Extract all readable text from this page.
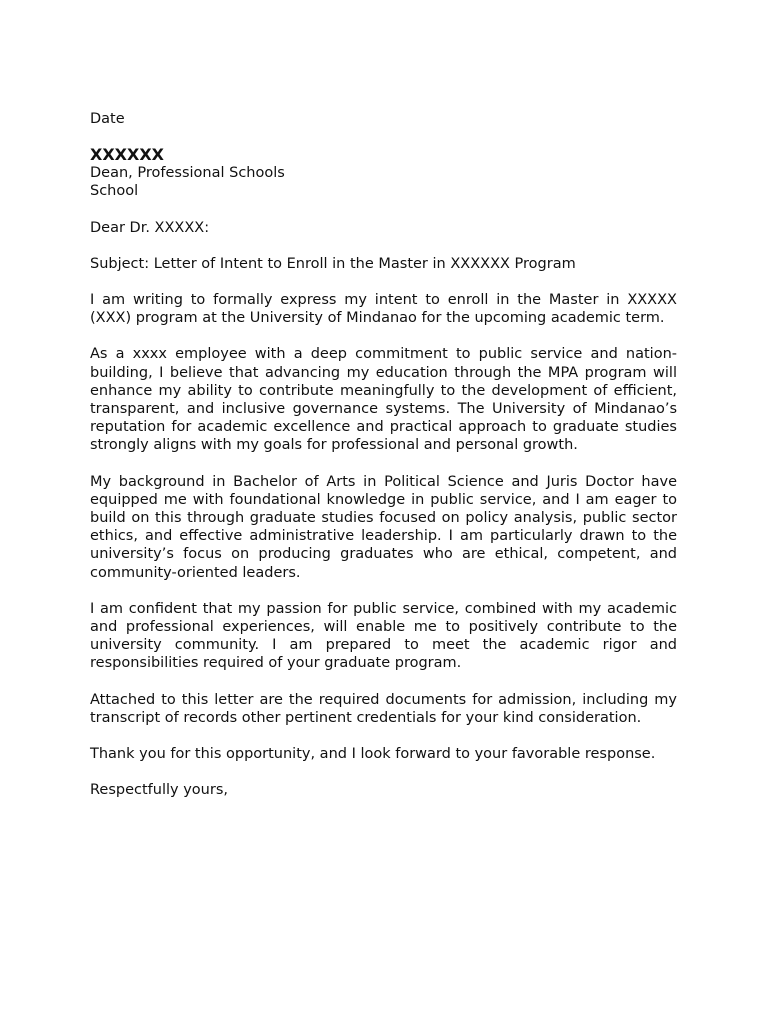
Date

XXXXXX

Dean, Professional Schools

School

Dear Dr. XXXXX:

Subject: Letter of Intent to Enroll in the Master in XXXXXX Program

I am writing to formally express my intent to enroll in the Master in XXXXX (XXX) program at the University of Mindanao for the upcoming academic term.

As a xxxx employee with a deep commitment to public service and nation-building, I believe that advancing my education through the MPA program will enhance my ability to contribute meaningfully to the development of efficient, transparent, and inclusive governance systems. The University of Mindanao’s reputation for academic excellence and practical approach to graduate studies strongly aligns with my goals for professional and personal growth.

My background in Bachelor of Arts in Political Science and Juris Doctor have equipped me with foundational knowledge in public service, and I am eager to build on this through graduate studies focused on policy analysis, public sector ethics, and effective administrative leadership. I am particularly drawn to the university’s focus on producing graduates who are ethical, competent, and community-oriented leaders.

I am confident that my passion for public service, combined with my academic and professional experiences, will enable me to positively contribute to the university community. I am prepared to meet the academic rigor and responsibilities required of your graduate program.

Attached to this letter are the required documents for admission, including my transcript of records other pertinent credentials for your kind consideration.

Thank you for this opportunity, and I look forward to your favorable response.

Respectfully yours,
